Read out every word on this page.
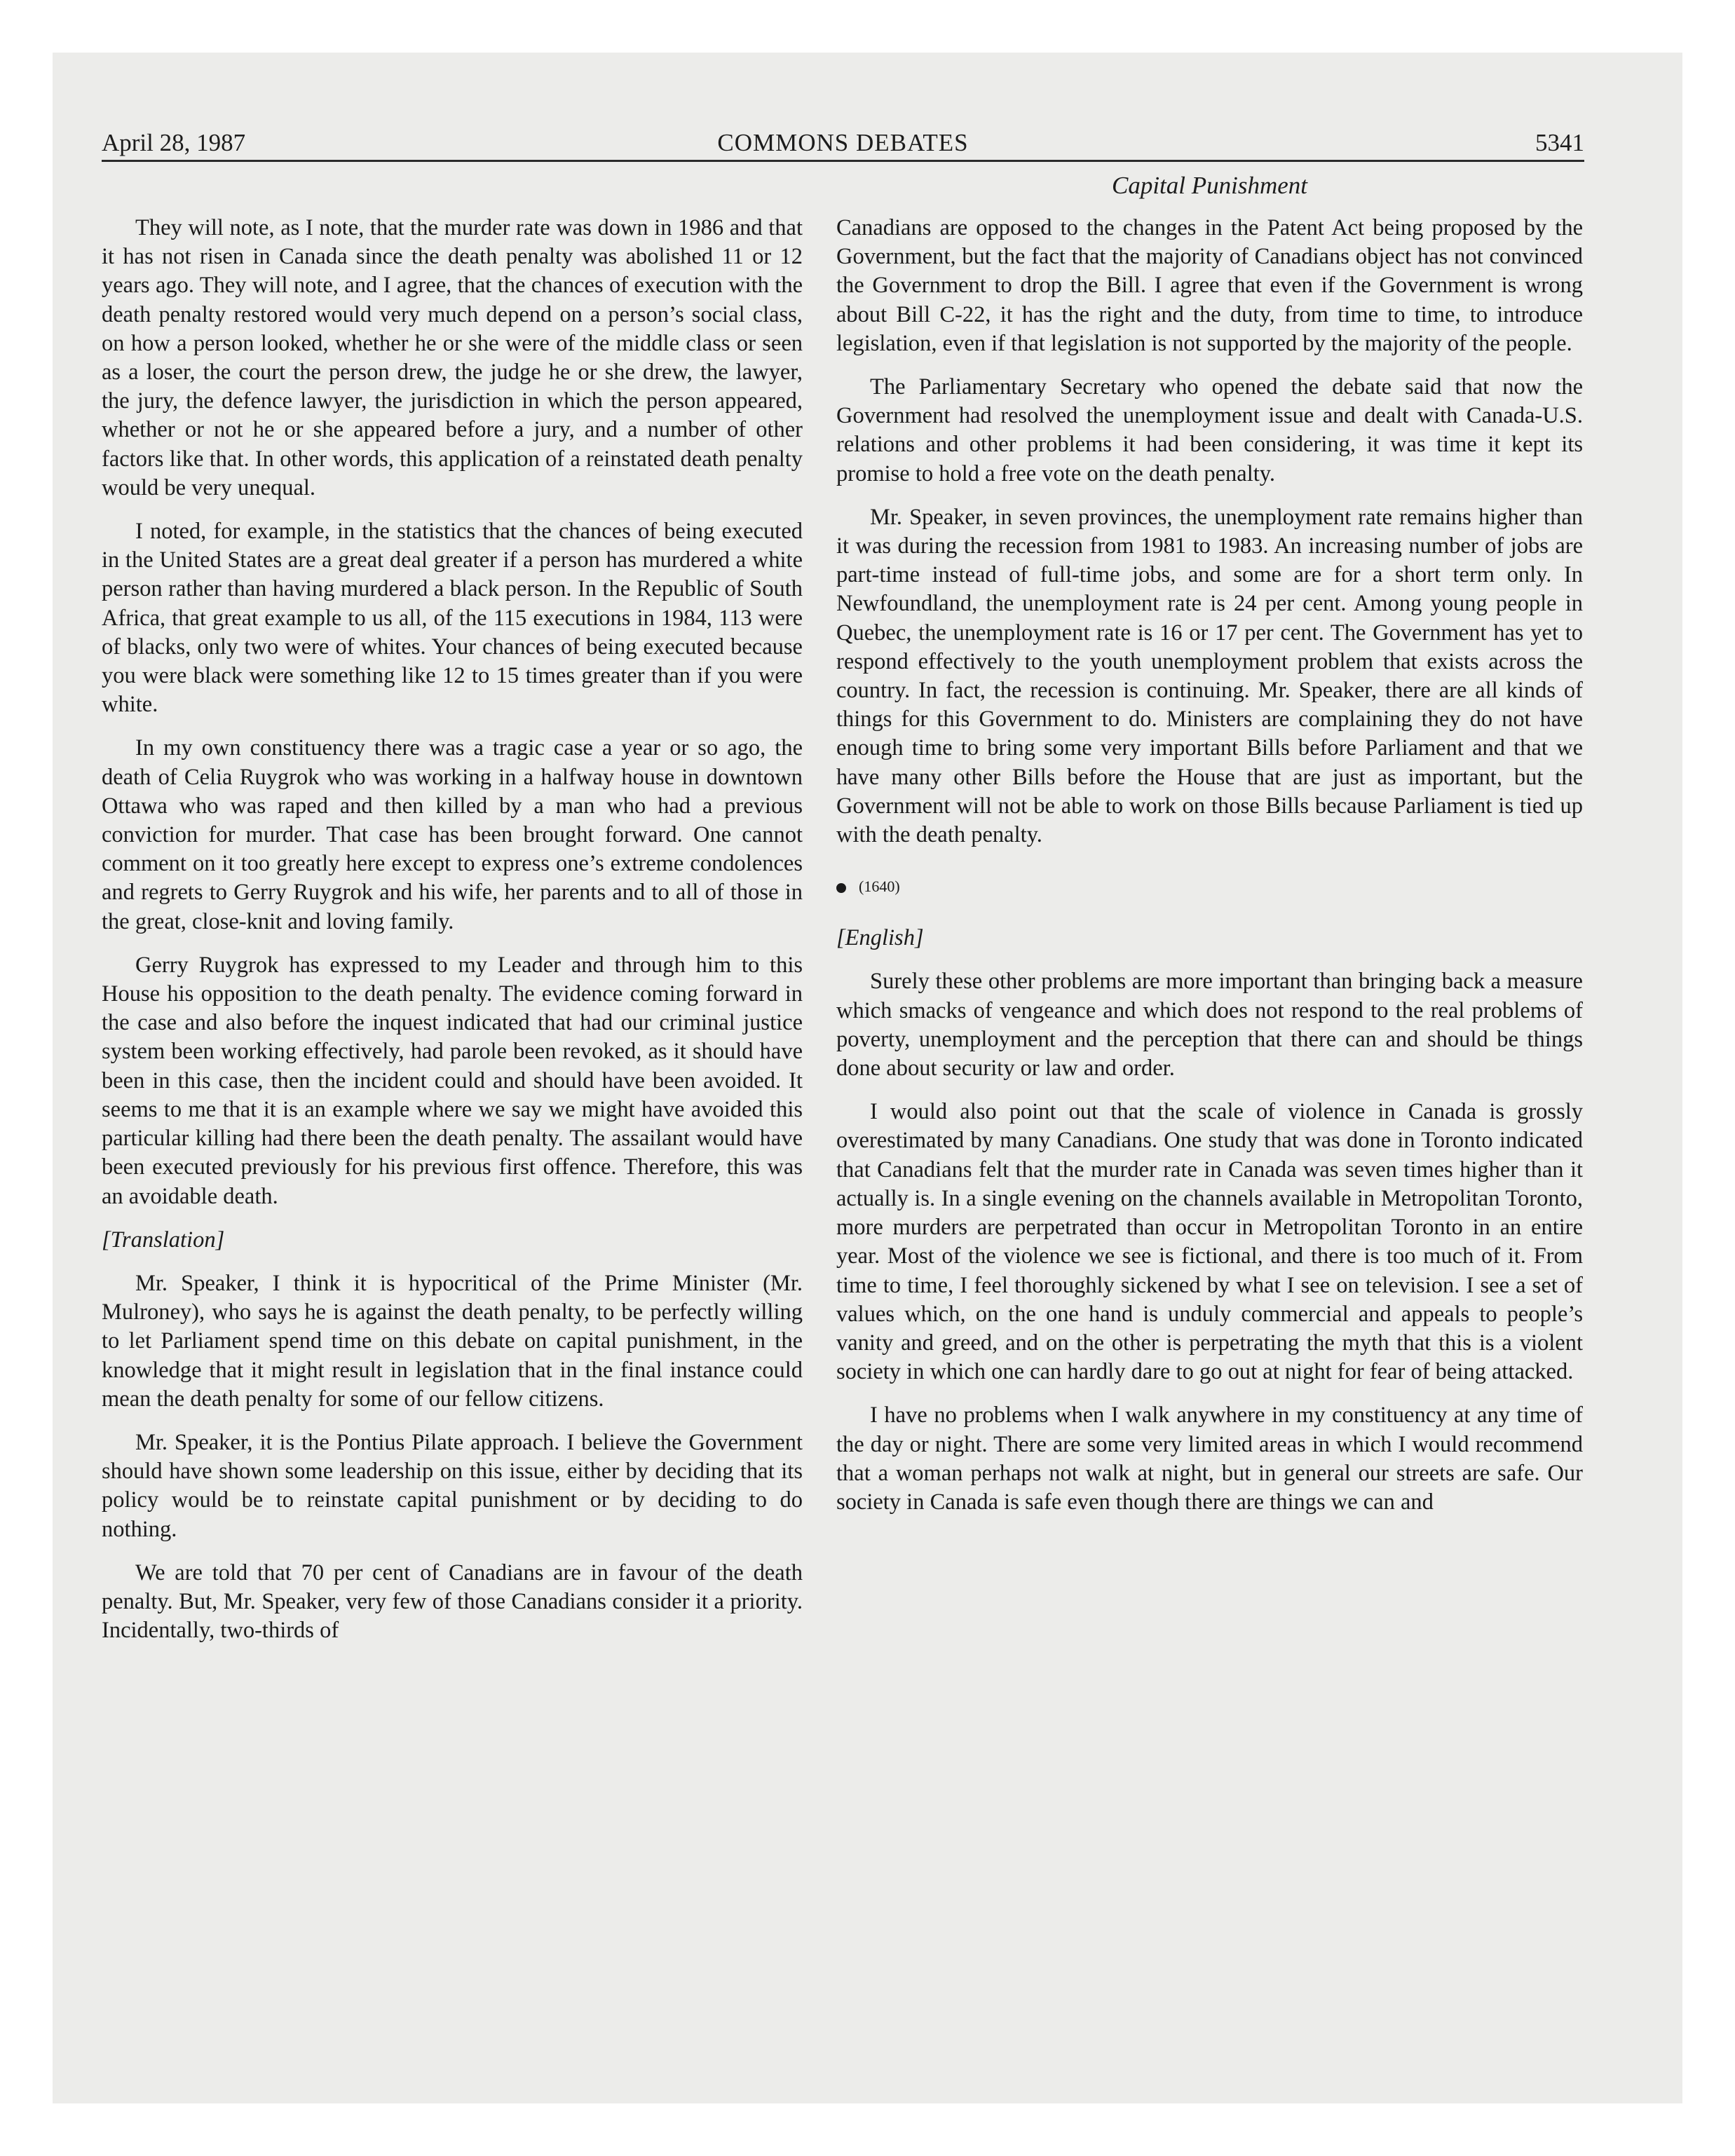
April 28, 1987	COMMONS DEBATES	5341
Capital Punishment

They will note, as I note, that the murder rate was down in 1986 and that it has not risen in Canada since the death penalty was abolished 11 or 12 years ago. They will note, and I agree, that the chances of execution with the death penalty restored would very much depend on a person’s social class, on how a person looked, whether he or she were of the middle class or seen as a loser, the court the person drew, the judge he or she drew, the lawyer, the jury, the defence lawyer, the jurisdiction in which the person appeared, whether or not he or she appeared before a jury, and a number of other factors like that. In other words, this application of a reinstated death penalty would be very unequal.

I noted, for example, in the statistics that the chances of being executed in the United States are a great deal greater if a person has murdered a white person rather than having murdered a black person. In the Republic of South Africa, that great example to us all, of the 115 executions in 1984, 113 were of blacks, only two were of whites. Your chances of being executed because you were black were something like 12 to 15 times greater than if you were white.

In my own constituency there was a tragic case a year or so ago, the death of Celia Ruygrok who was working in a halfway house in downtown Ottawa who was raped and then killed by a man who had a previous conviction for murder. That case has been brought forward. One cannot comment on it too greatly here except to express one’s extreme condolences and regrets to Gerry Ruygrok and his wife, her parents and to all of those in the great, close-knit and loving family.

Gerry Ruygrok has expressed to my Leader and through him to this House his opposition to the death penalty. The evidence coming forward in the case and also before the inquest indicated that had our criminal justice system been working effectively, had parole been revoked, as it should have been in this case, then the incident could and should have been avoided. It seems to me that it is an example where we say we might have avoided this particular killing had there been the death penalty. The assailant would have been executed previously for his previous first offence. Therefore, this was an avoidable death.

[Translation]

Mr. Speaker, I think it is hypocritical of the Prime Minister (Mr. Mulroney), who says he is against the death penalty, to be perfectly willing to let Parliament spend time on this debate on capital punishment, in the knowledge that it might result in legislation that in the final instance could mean the death penalty for some of our fellow citizens.

Mr. Speaker, it is the Pontius Pilate approach. I believe the Government should have shown some leadership on this issue, either by deciding that its policy would be to reinstate capital punishment or by deciding to do nothing.

We are told that 70 per cent of Canadians are in favour of the death penalty. But, Mr. Speaker, very few of those Canadians consider it a priority. Incidentally, two-thirds of

Canadians are opposed to the changes in the Patent Act being proposed by the Government, but the fact that the majority of Canadians object has not convinced the Government to drop the Bill. I agree that even if the Government is wrong about Bill C-22, it has the right and the duty, from time to time, to introduce legislation, even if that legislation is not supported by the majority of the people.

The Parliamentary Secretary who opened the debate said that now the Government had resolved the unemployment issue and dealt with Canada-U.S. relations and other problems it had been considering, it was time it kept its promise to hold a free vote on the death penalty.

Mr. Speaker, in seven provinces, the unemployment rate remains higher than it was during the recession from 1981 to 1983. An increasing number of jobs are part-time instead of full-time jobs, and some are for a short term only. In Newfoundland, the unemployment rate is 24 per cent. Among young people in Quebec, the unemployment rate is 16 or 17 per cent. The Government has yet to respond effectively to the youth unemployment problem that exists across the country. In fact, the recession is continuing. Mr. Speaker, there are all kinds of things for this Government to do. Ministers are complaining they do not have enough time to bring some very important Bills before Parliament and that we have many other Bills before the House that are just as important, but the Government will not be able to work on those Bills because Parliament is tied up with the death penalty.

(1640)
[English]

Surely these other problems are more important than bringing back a measure which smacks of vengeance and which does not respond to the real problems of poverty, unemployment and the perception that there can and should be things done about security or law and order.

I would also point out that the scale of violence in Canada is grossly overestimated by many Canadians. One study that was done in Toronto indicated that Canadians felt that the murder rate in Canada was seven times higher than it actually is. In a single evening on the channels available in Metropolitan Toronto, more murders are perpetrated than occur in Metropolitan Toronto in an entire year. Most of the violence we see is fictional, and there is too much of it. From time to time, I feel thoroughly sickened by what I see on television. I see a set of values which, on the one hand is unduly commercial and appeals to people’s vanity and greed, and on the other is perpetrating the myth that this is a violent society in which one can hardly dare to go out at night for fear of being attacked.

I have no problems when I walk anywhere in my constituency at any time of the day or night. There are some very limited areas in which I would recommend that a woman perhaps not walk at night, but in general our streets are safe. Our society in Canada is safe even though there are things we can and
